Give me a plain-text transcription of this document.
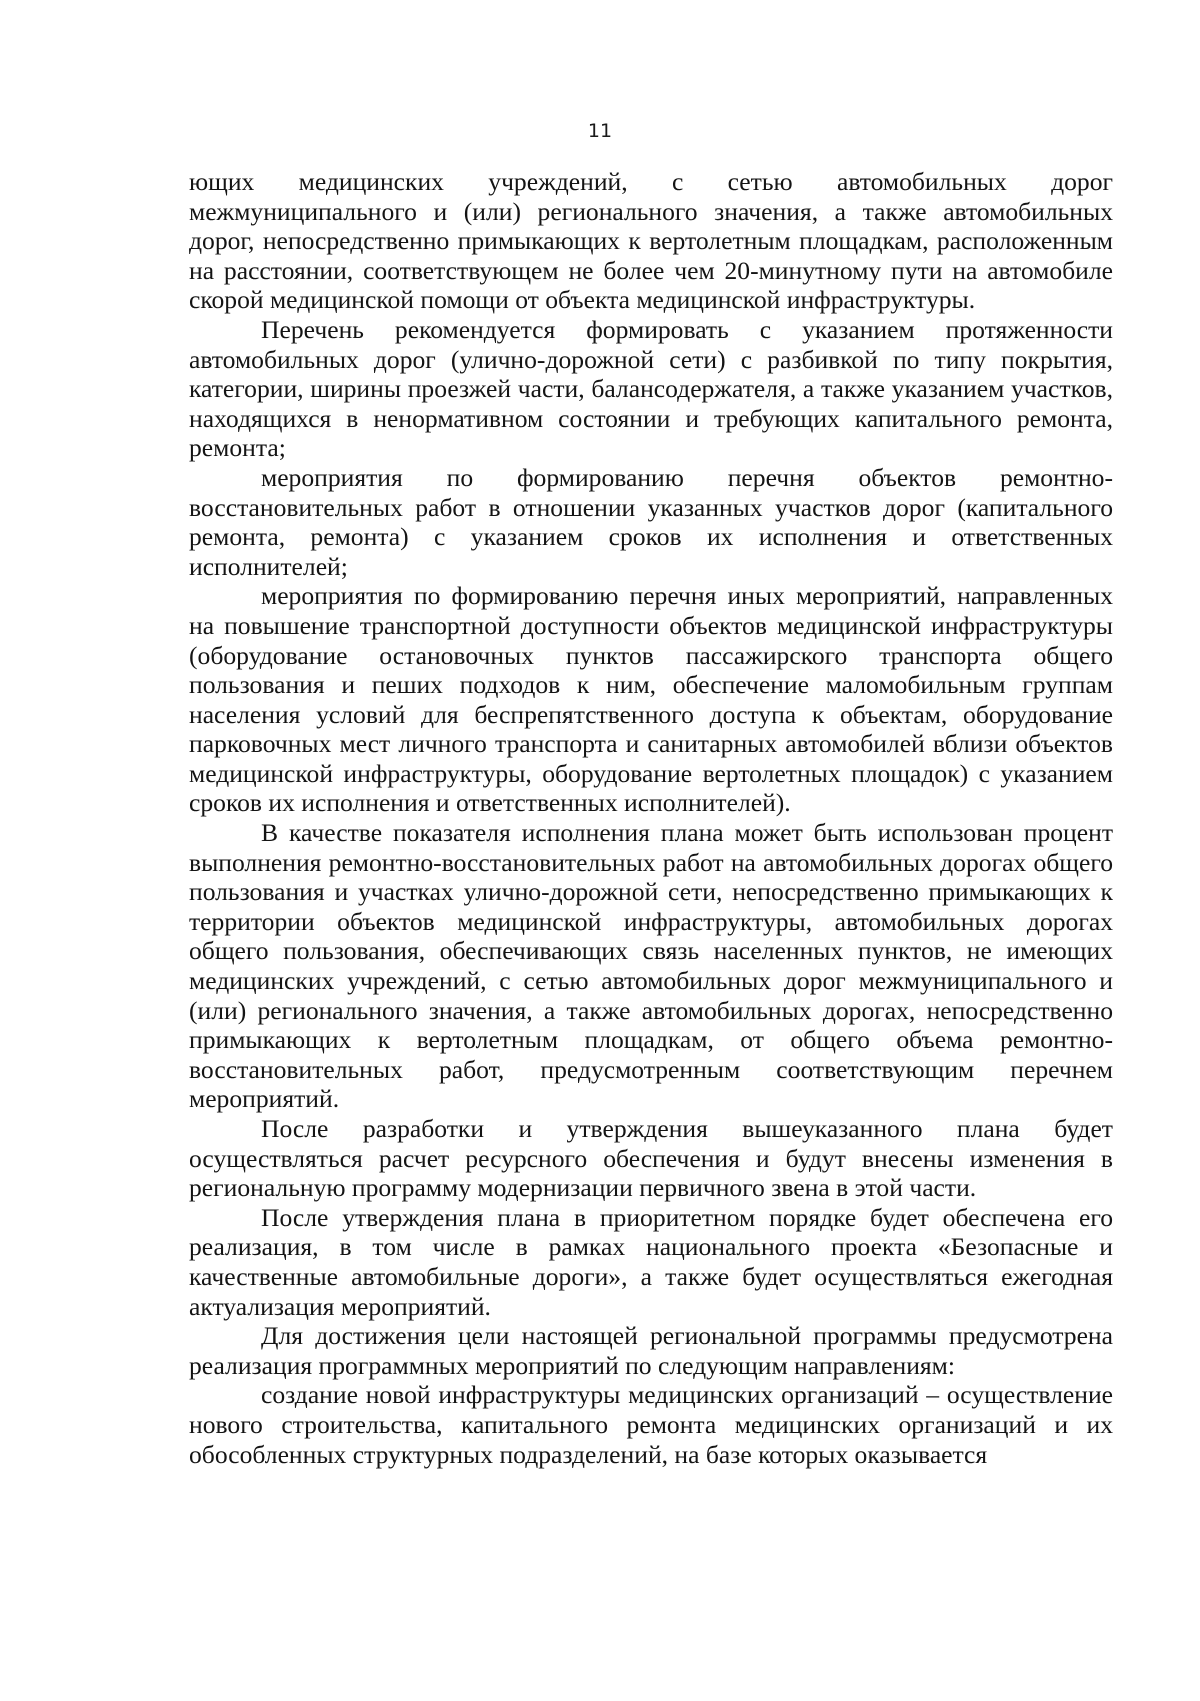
11

ющих медицинских учреждений, с сетью автомобильных дорог межмуниципального и (или) регионального значения, а также автомобильных дорог, непосредственно примыкающих к вертолетным площадкам, расположенным на расстоянии, соответствующем не более чем 20-минутному пути на автомобиле скорой медицинской помощи от объекта медицинской инфраструктуры.

Перечень рекомендуется формировать с указанием протяженности автомобильных дорог (улично-дорожной сети) с разбивкой по типу покрытия, категории, ширины проезжей части, балансодержателя, а также указанием участков, находящихся в ненормативном состоянии и требующих капитального ремонта, ремонта;

мероприятия по формированию перечня объектов ремонтно-восстановительных работ в отношении указанных участков дорог (капитального ремонта, ремонта) с указанием сроков их исполнения и ответственных исполнителей;

мероприятия по формированию перечня иных мероприятий, направленных на повышение транспортной доступности объектов медицинской инфраструктуры (оборудование остановочных пунктов пассажирского транспорта общего пользования и пеших подходов к ним, обеспечение маломобильным группам населения условий для беспрепятственного доступа к объектам, оборудование парковочных мест личного транспорта и санитарных автомобилей вблизи объектов медицинской инфраструктуры, оборудование вертолетных площадок) с указанием сроков их исполнения и ответственных исполнителей).

В качестве показателя исполнения плана может быть использован процент выполнения ремонтно-восстановительных работ на автомобильных дорогах общего пользования и участках улично-дорожной сети, непосредственно примыкающих к территории объектов медицинской инфраструктуры, автомобильных дорогах общего пользования, обеспечивающих связь населенных пунктов, не имеющих медицинских учреждений, с сетью автомобильных дорог межмуниципального и (или) регионального значения, а также автомобильных дорогах, непосредственно примыкающих к вертолетным площадкам, от общего объема ремонтно-восстановительных работ, предусмотренным соответствующим перечнем мероприятий.

После разработки и утверждения вышеуказанного плана будет осуществляться расчет ресурсного обеспечения и будут внесены изменения в региональную программу модернизации первичного звена в этой части.

После утверждения плана в приоритетном порядке будет обеспечена его реализация, в том числе в рамках национального проекта «Безопасные и качественные автомобильные дороги», а также будет осуществляться ежегодная актуализация мероприятий.

Для достижения цели настоящей региональной программы предусмотрена реализация программных мероприятий по следующим направлениям:

создание новой инфраструктуры медицинских организаций – осуществление нового строительства, капитального ремонта медицинских организаций и их обособленных структурных подразделений, на базе которых оказывается
